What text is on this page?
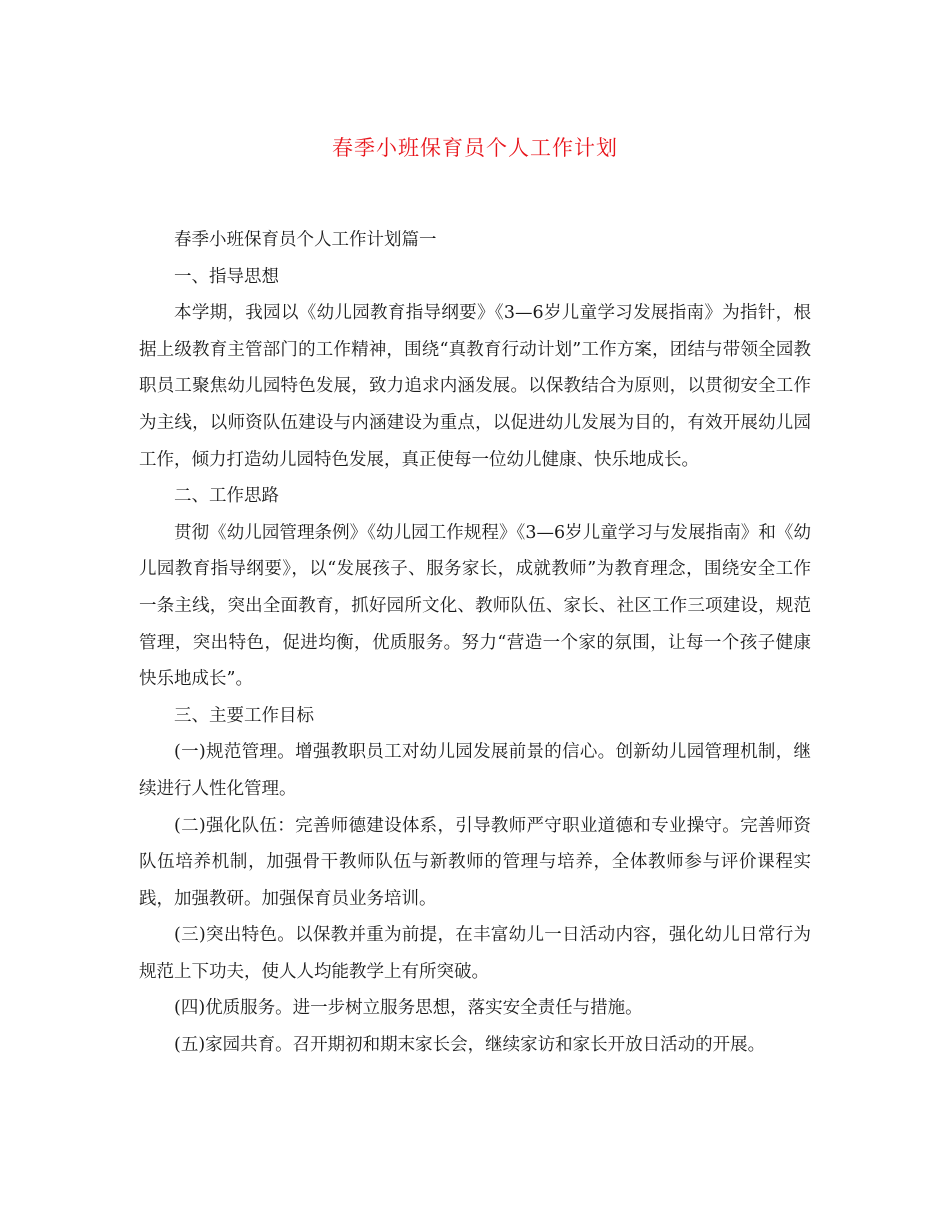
春季小班保育员个人工作计划

春季小班保育员个人工作计划篇一

一、指导思想

本学期，我园以《幼儿园教育指导纲要》《3—6岁儿童学习发展指南》为指针，根据上级教育主管部门的工作精神，围绕“真教育行动计划”工作方案，团结与带领全园教职员工聚焦幼儿园特色发展，致力追求内涵发展。以保教结合为原则，以贯彻安全工作为主线，以师资队伍建设与内涵建设为重点，以促进幼儿发展为目的，有效开展幼儿园工作，倾力打造幼儿园特色发展，真正使每一位幼儿健康、快乐地成长。

二、工作思路

贯彻《幼儿园管理条例》《幼儿园工作规程》《3—6岁儿童学习与发展指南》和《幼儿园教育指导纲要》，以“发展孩子、服务家长，成就教师”为教育理念，围绕安全工作一条主线，突出全面教育，抓好园所文化、教师队伍、家长、社区工作三项建设，规范管理，突出特色，促进均衡，优质服务。努力“营造一个家的氛围，让每一个孩子健康快乐地成长”。

三、主要工作目标

(一)规范管理。增强教职员工对幼儿园发展前景的信心。创新幼儿园管理机制，继续进行人性化管理。

(二)强化队伍：完善师德建设体系，引导教师严守职业道德和专业操守。完善师资队伍培养机制，加强骨干教师队伍与新教师的管理与培养，全体教师参与评价课程实践，加强教研。加强保育员业务培训。

(三)突出特色。以保教并重为前提，在丰富幼儿一日活动内容，强化幼儿日常行为规范上下功夫，使人人均能教学上有所突破。

(四)优质服务。进一步树立服务思想，落实安全责任与措施。

(五)家园共育。召开期初和期末家长会，继续家访和家长开放日活动的开展。
